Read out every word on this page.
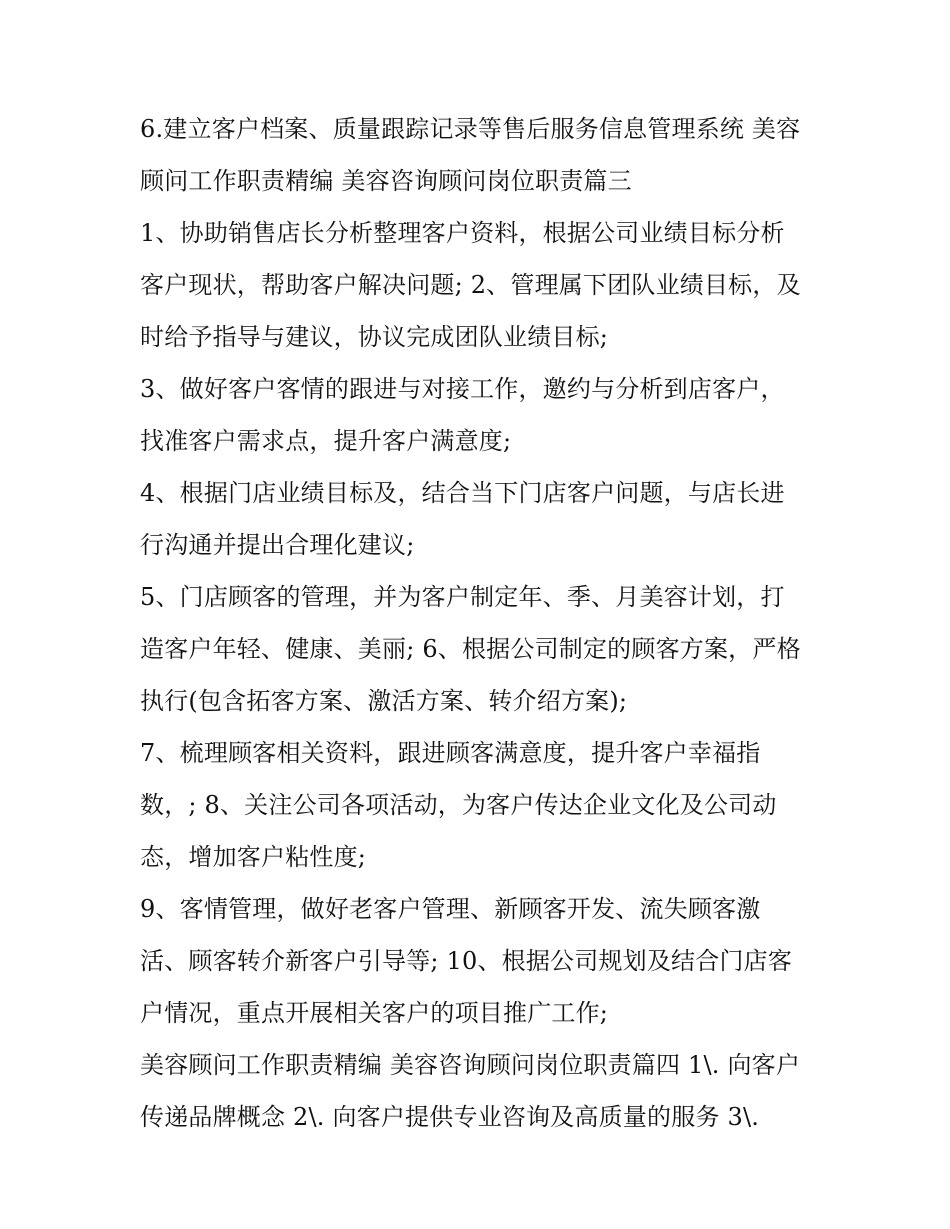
6.建立客户档案、质量跟踪记录等售后服务信息管理系统 美容
顾问工作职责精编 美容咨询顾问岗位职责篇三
1、协助销售店长分析整理客户资料，根据公司业绩目标分析
客户现状，帮助客户解决问题; 2、管理属下团队业绩目标，及
时给予指导与建议，协议完成团队业绩目标;
3、做好客户客情的跟进与对接工作，邀约与分析到店客户，
找准客户需求点，提升客户满意度;
4、根据门店业绩目标及，结合当下门店客户问题，与店长进
行沟通并提出合理化建议;
5、门店顾客的管理，并为客户制定年、季、月美容计划，打
造客户年轻、健康、美丽; 6、根据公司制定的顾客方案，严格
执行(包含拓客方案、激活方案、转介绍方案);
7、梳理顾客相关资料，跟进顾客满意度，提升客户幸福指
数，; 8、关注公司各项活动，为客户传达企业文化及公司动
态，增加客户粘性度;
9、客情管理，做好老客户管理、新顾客开发、流失顾客激
活、顾客转介新客户引导等; 10、根据公司规划及结合门店客
户情况，重点开展相关客户的项目推广工作;
美容顾问工作职责精编 美容咨询顾问岗位职责篇四 1\. 向客户
传递品牌概念 2\. 向客户提供专业咨询及高质量的服务 3\.
